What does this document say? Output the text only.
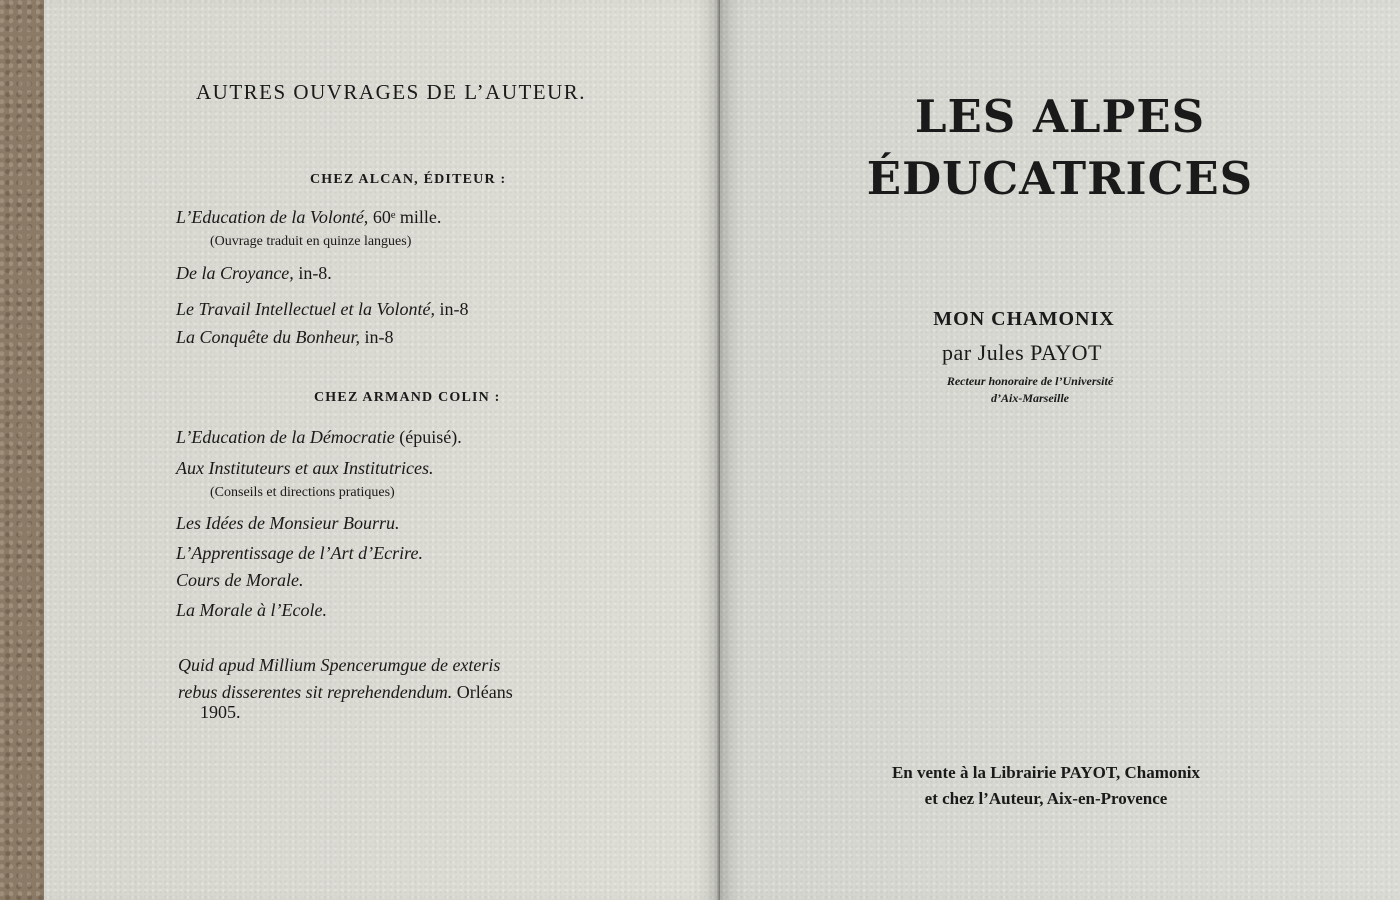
AUTRES OUVRAGES DE L’AUTEUR.
CHEZ ALCAN, ÉDITEUR :
L’Education de la Volonté, 60ᵉ mille.
(Ouvrage traduit en quinze langues)
De la Croyance, in-8.
Le Travail Intellectuel et la Volonté, in-8
La Conquête du Bonheur, in-8
CHEZ ARMAND COLIN :
L’Education de la Démocratie (épuisé).
Aux Instituteurs et aux Institutrices.
(Conseils et directions pratiques)
Les Idées de Monsieur Bourru.
L’Apprentissage de l’Art d’Ecrire.
Cours de Morale.
La Morale à l’Ecole.
Quid apud Millium Spencerumgue de exteris
rebus disserentes sit reprehendendum. Orléans
1905.
LES ALPES
ÉDUCATRICES
MON CHAMONIX
par Jules PAYOT
Recteur honoraire de l’Université
d’Aix-Marseille
En vente à la Librairie PAYOT, Chamonix
et chez l’Auteur, Aix-en-Provence
